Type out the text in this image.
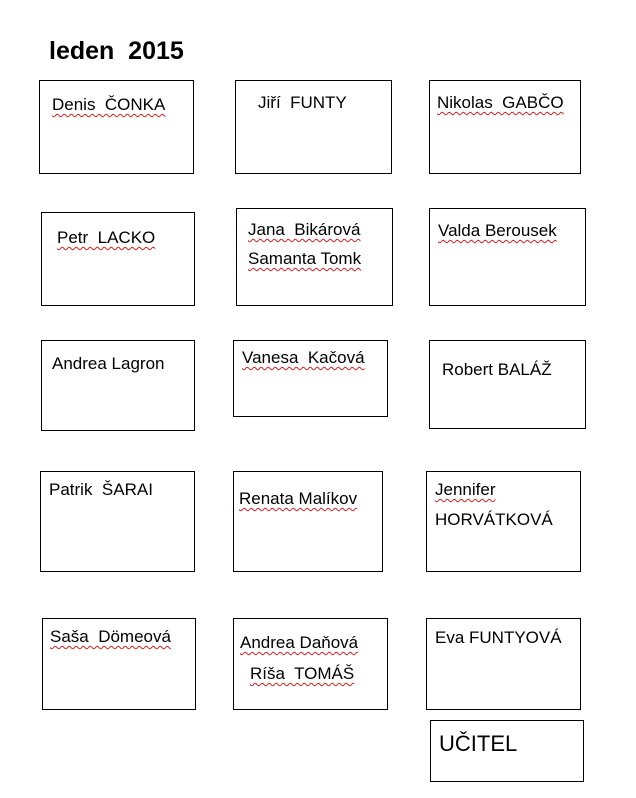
leden  2015
Denis  ČONKA	Jiří  FUNTY	Nikolas  GABČO
Petr  LACKO	Jana  Bikárová
Samanta Tomk
Valda Berousek
Andrea Lagron	Vanesa  Kačová
Robert BALÁŽ
Patrik  ŠARAI	Renata Malíkov	Jennifer
HORVÁTKOVÁ
Saša  Dömeová	Andrea Daňová
Ríša  TOMÁŠ
Eva FUNTYOVÁ
UČITEL
